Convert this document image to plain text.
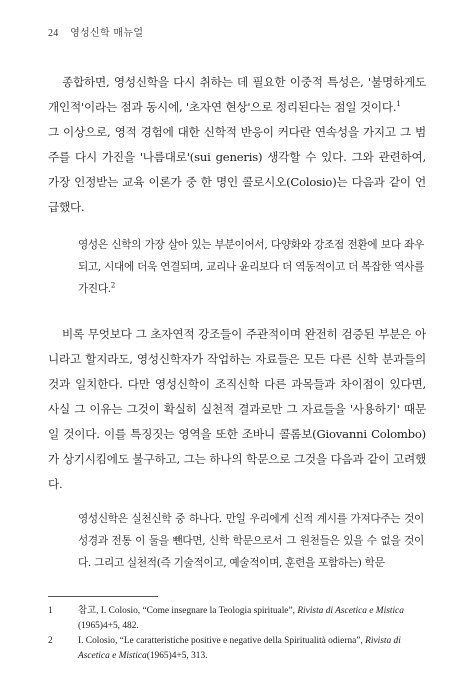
24 영성신학 매뉴얼

종합하면, 영성신학을 다시 취하는 데 필요한 이중적 특성은, '불명하게도 개인적'이라는 점과 동시에, '초자연 현상'으로 정리된다는 점일 것이다.$^1$

그 이상으로, 영적 경험에 대한 신학적 반응이 커다란 연속성을 가지고 그 범주를 다시 가진을 '나름대로'(sui generis) 생각할 수 있다. 그와 관련하여, 가장 인정받는 교육 이론가 중 한 명인 콜로시오(Colosio)는 다음과 같이 언급했다.

영성은 신학의 가장 살아 있는 부분이어서, 다양화와 강조점 전환에 보다 좌우되고, 시대에 더욱 연결되며, 교리나 윤리보다 더 역동적이고 더 복잡한 역사를 가진다.$^2$

비록 무엇보다 그 초자연적 강조들이 주관적이며 완전히 검증된 부분은 아니라고 할지라도, 영성신학자가 작업하는 자료들은 모든 다른 신학 분과들의 것과 일치한다. 다만 영성신학이 조직신학 다른 과목들과 차이점이 있다면, 사실 그 이유는 그것이 확실히 실천적 결과로만 그 자료들을 '사용하기' 때문일 것이다. 이를 특징짓는 영역을 또한 조바니 콜롬보(Giovanni Colombo)가 상기시킴에도 불구하고, 그는 하나의 학문으로 그것을 다음과 같이 고려했다.

영성신학은 실천신학 중 하나다. 만일 우리에게 신적 계시를 가져다주는 것이 성경과 전통 이 둘을 뺀다면, 신학 학문으로서 그 원천들은 있을 수 없을 것이다. 그리고 실천적(즉 기술적이고, 예술적이며, 훈련을 포함하는) 학문
1	참고, I. Colosio, “Come insegnare la Teologia spirituale”, Rivista di Ascetica e Mistica (1965)4+5, 482.
2	I. Colosio, “Le caratteristiche positive e negative della Spiritualità odierna”, Rivista di Ascetica e Mistica(1965)4+5, 313.
